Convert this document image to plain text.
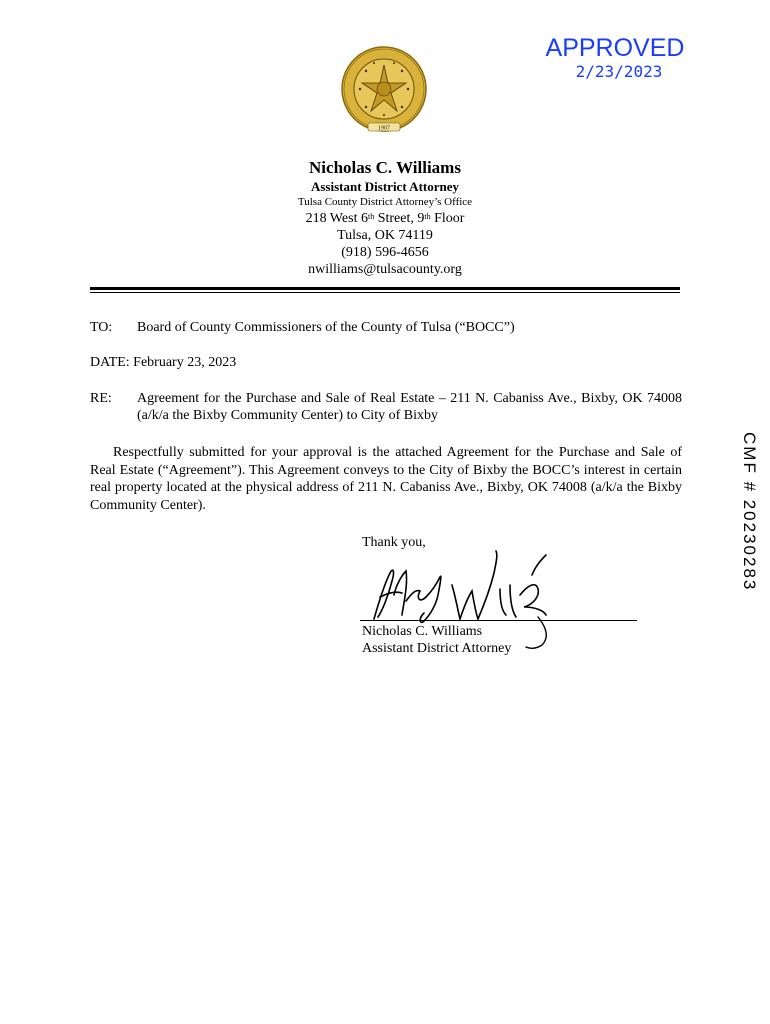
APPROVED
2/23/2023
1907
Nicholas C. Williams
Assistant District Attorney
Tulsa County District Attorney’s Office
218 West 6th Street, 9th Floor
Tulsa, OK 74119
(918) 596-4656
nwilliams@tulsacounty.org
TO: Board of County Commissioners of the County of Tulsa (“BOCC”)
DATE: February 23, 2023
RE: Agreement for the Purchase and Sale of Real Estate – 211 N. Cabaniss Ave., Bixby, OK 74008 (a/k/a the Bixby Community Center) to City of Bixby
Respectfully submitted for your approval is the attached Agreement for the Purchase and Sale of Real Estate (“Agreement”). This Agreement conveys to the City of Bixby the BOCC’s interest in certain real property located at the physical address of 211 N. Cabaniss Ave., Bixby, OK 74008 (a/k/a the Bixby Community Center).
Thank you,
Nicholas C. Williams
Assistant District Attorney
CMF # 20230283
